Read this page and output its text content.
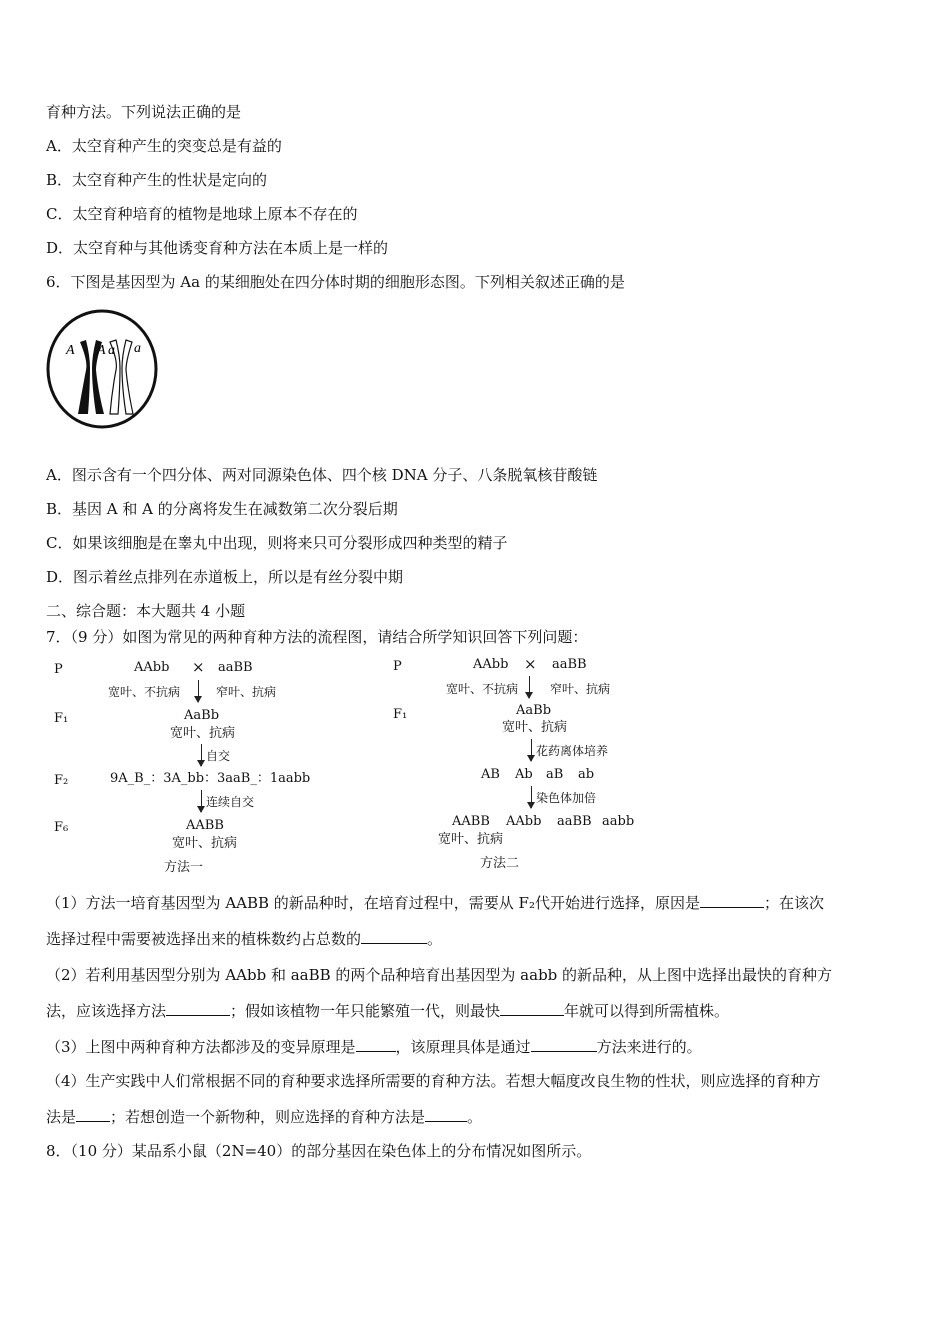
育种方法。下列说法正确的是
A．太空育种产生的突变总是有益的
B．太空育种产生的性状是定向的
C．太空育种培育的植物是地球上原本不存在的
D．太空育种与其他诱变育种方法在本质上是一样的
6．下图是基因型为 Aa 的某细胞处在四分体时期的细胞形态图。下列相关叙述正确的是
A A a a
A．图示含有一个四分体、两对同源染色体、四个核 DNA 分子、八条脱氧核苷酸链
B．基因 A 和 A 的分离将发生在减数第二次分裂后期
C．如果该细胞是在睾丸中出现，则将来只可分裂形成四种类型的精子
D．图示着丝点排列在赤道板上，所以是有丝分裂中期
二、综合题：本大题共 4 小题
7．（9 分）如图为常见的两种育种方法的流程图，请结合所学知识回答下列问题：
P	AAbb × aaBB
宽叶、不抗病	窄叶、抗病
F₁	AaBb
宽叶、抗病
自交
F₂	9A_B_：3A_bb：3aaB_：1aabb
连续自交
F₆	AABB
宽叶、抗病
方法一
P	AAbb × aaBB
宽叶、不抗病	窄叶、抗病
F₁	AaBb
宽叶、抗病
花药离体培养
AB Ab aB ab
染色体加倍
AABB AAbb aaBB aabb
宽叶、抗病
方法二
（1）方法一培育基因型为 AABB 的新品种时，在培育过程中，需要从 F₂代开始进行选择，原因是	；在该次
选择过程中需要被选择出来的植株数约占总数的	。
（2）若利用基因型分别为 AAbb 和 aaBB 的两个品种培育出基因型为 aabb 的新品种，从上图中选择出最快的育种方
法，应该选择方法	；假如该植物一年只能繁殖一代，则最快	年就可以得到所需植株。
（3）上图中两种育种方法都涉及的变异原理是	，该原理具体是通过	方法来进行的。
（4）生产实践中人们常根据不同的育种要求选择所需要的育种方法。若想大幅度改良生物的性状，则应选择的育种方
法是 ；若想创造一个新物种，则应选择的育种方法是	。
8．（10 分）某品系小鼠（2N=40）的部分基因在染色体上的分布情况如图所示。
